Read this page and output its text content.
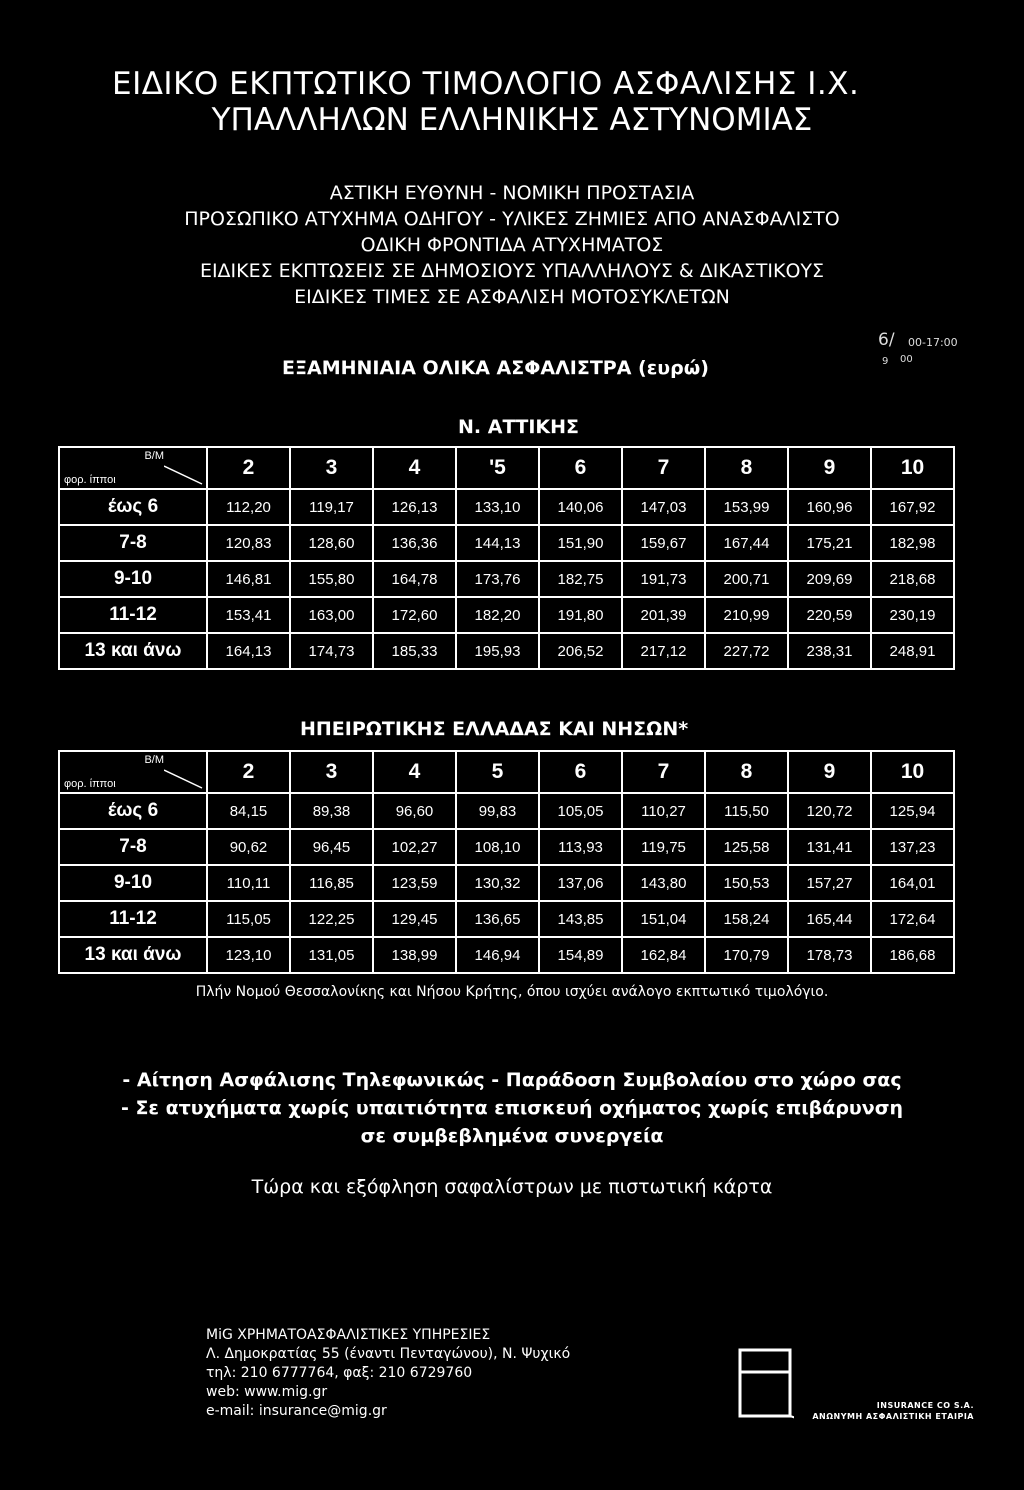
ΕΙΔΙΚΟ ΕΚΠΤΩΤΙΚΟ ΤΙΜΟΛΟΓΙΟ ΑΣΦΑΛΙΣΗΣ Ι.Χ.
ΥΠΑΛΛΗΛΩΝ ΕΛΛΗΝΙΚΗΣ ΑΣΤΥΝΟΜΙΑΣ
ΑΣΤΙΚΗ ΕΥΘΥΝΗ - ΝΟΜΙΚΗ ΠΡΟΣΤΑΣΙΑ
ΠΡΟΣΩΠΙΚΟ ΑΤΥΧΗΜΑ ΟΔΗΓΟΥ - ΥΛΙΚΕΣ ΖΗΜΙΕΣ ΑΠΟ ΑΝΑΣΦΑΛΙΣΤΟ
ΟΔΙΚΗ ΦΡΟΝΤΙΔΑ ΑΤΥΧΗΜΑΤΟΣ
ΕΙΔΙΚΕΣ ΕΚΠΤΩΣΕΙΣ ΣΕ ΔΗΜΟΣΙΟΥΣ ΥΠΑΛΛΗΛΟΥΣ & ΔΙΚΑΣΤΙΚΟΥΣ
ΕΙΔΙΚΕΣ ΤΙΜΕΣ ΣΕ ΑΣΦΑΛΙΣΗ ΜΟΤΟΣΥΚΛΕΤΩΝ
ΕΞΑΜΗΝΙΑΙΑ ΟΛΙΚΑ ΑΣΦΑΛΙΣΤΡΑ (ευρώ)
6/ 00-17:00
00
9
Ν. ΑΤΤΙΚΗΣ
Β/Μ
φορ. ίπποι	2	3	4	'5	6	7	8	9	10
έως 6	112,20	119,17	126,13	133,10	140,06	147,03	153,99	160,96	167,92
7-8	120,83	128,60	136,36	144,13	151,90	159,67	167,44	175,21	182,98
9-10	146,81	155,80	164,78	173,76	182,75	191,73	200,71	209,69	218,68
11-12	153,41	163,00	172,60	182,20	191,80	201,39	210,99	220,59	230,19
13 και άνω	164,13	174,73	185,33	195,93	206,52	217,12	227,72	238,31	248,91
ΗΠΕΙΡΩΤΙΚΗΣ ΕΛΛΑΔΑΣ ΚΑΙ ΝΗΣΩΝ*
Β/Μ
φορ. ίπποι	2	3	4	5	6	7	8	9	10
έως 6	84,15	89,38	96,60	99,83	105,05	110,27	115,50	120,72	125,94
7-8	90,62	96,45	102,27	108,10	113,93	119,75	125,58	131,41	137,23
9-10	110,11	116,85	123,59	130,32	137,06	143,80	150,53	157,27	164,01
11-12	115,05	122,25	129,45	136,65	143,85	151,04	158,24	165,44	172,64
13 και άνω	123,10	131,05	138,99	146,94	154,89	162,84	170,79	178,73	186,68
Πλήν Νομού Θεσσαλονίκης και Νήσου Κρήτης, όπου ισχύει ανάλογο εκπτωτικό τιμολόγιο.
- Αίτηση Ασφάλισης Τηλεφωνικώς - Παράδοση Συμβολαίου στο χώρο σας
- Σε ατυχήματα χωρίς υπαιτιότητα επισκευή οχήματος χωρίς επιβάρυνση
σε συμβεβλημένα συνεργεία
Τώρα και εξόφληση σαφαλίστρων με πιστωτική κάρτα
MiG ΧΡΗΜΑΤΟΑΣΦΑΛΙΣΤΙΚΕΣ ΥΠΗΡΕΣΙΕΣ
Λ. Δημοκρατίας 55 (έναντι Πενταγώνου), Ν. Ψυχικό
τηλ: 210 6777764, φαξ: 210 6729760
web: www.mig.gr
e-mail: insurance@mig.gr	INSURANCE CO S.A.
ΑΝΩΝΥΜΗ ΑΣΦΑΛΙΣΤΙΚΗ ΕΤΑΙΡΙΑ
